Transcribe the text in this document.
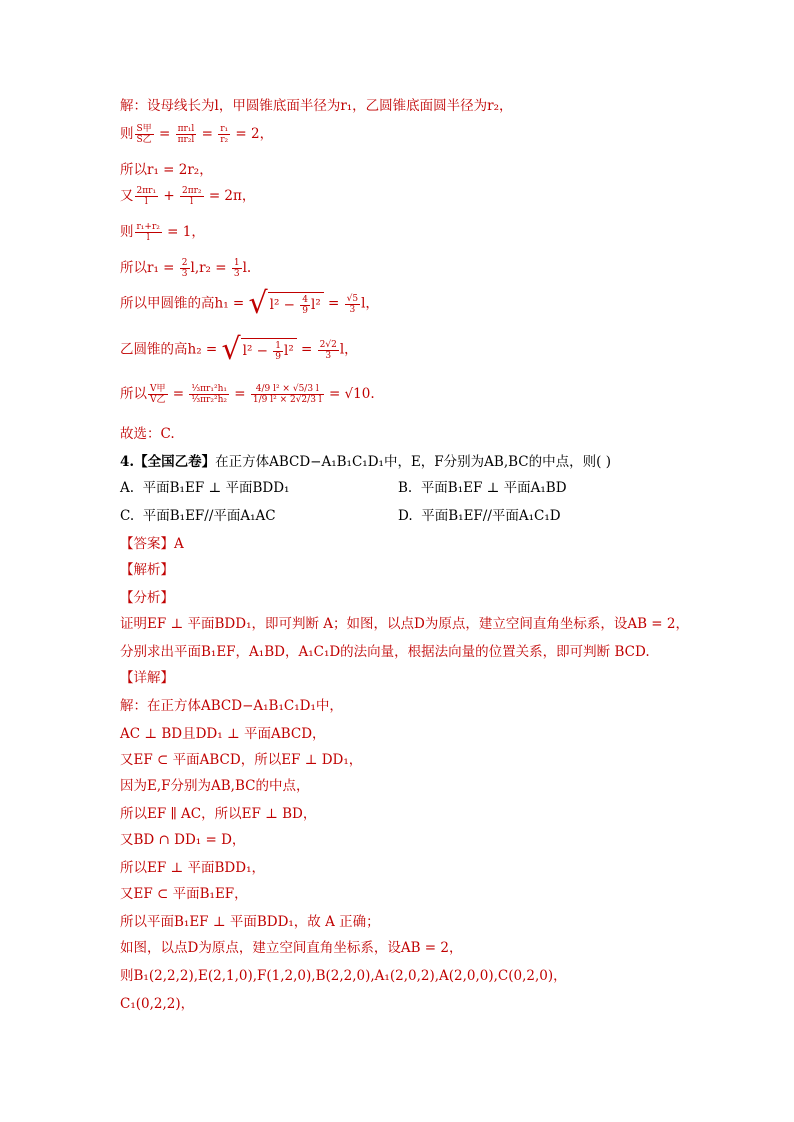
解：设母线长为l，甲圆锥底面半径为r₁，乙圆锥底面圆半径为r₂，
则 $\frac{\text{S甲}}{\text{S乙}} = \frac{\text{πr₁l}}{\text{πr₂l}} = \frac{\text{r₁}}{\text{r₂}} = 2$，
所以r₁ = 2r₂，
又 $\frac{\text{2πr₁}}{l} + \frac{\text{2πr₂}}{l} = 2\pi$，
则 $\frac{\text{r₁+r₂}}{l} = 1$，
所以$r_1 = \frac{2}{3} l,r_2 = \frac{1}{3} l$.
所以甲圆锥的高h₁ = √ $l^2 - \frac{4}{9} l^2 = \frac{√5}{3}$ l，
乙圆锥的高h₂ = √ $l^2 - \frac{1}{9} l^2 = \frac{2√2}{3}$ l，
所以 $\frac{\text{V甲}}{\text{V乙}} = \frac{\text{⅓πr₁²h₁}}{\text{⅓πr₂²h₂}} = \frac{\text{4/9 l² × √5/3 l}}{\text{1/9 l² × 2√2/3 l}} = √10$.
故选：C.
4.【全国乙卷】在正方体ABCD−A₁B₁C₁D₁中，E，F分别为AB,BC的中点，则( )
A. 平面B₁EF ⊥ 平面BDD₁	B. 平面B₁EF ⊥ 平面A₁BD
C. 平面B₁EF//平面A₁AC	D. 平面B₁EF//平面A₁C₁D
【答案】A
【解析】
【分析】
证明EF ⊥ 平面BDD₁，即可判断 A；如图，以点D为原点，建立空间直角坐标系，设AB = 2，
分别求出平面B₁EF，A₁BD，A₁C₁D的法向量，根据法向量的位置关系，即可判断 BCD.
【详解】
解：在正方体ABCD−A₁B₁C₁D₁中，
AC ⊥ BD且DD₁ ⊥ 平面ABCD，
又EF ⊂ 平面ABCD，所以EF ⊥ DD₁，
因为E,F分别为AB,BC的中点，
所以EF ∥ AC，所以EF ⊥ BD，
又BD ∩ DD₁ = D，
所以EF ⊥ 平面BDD₁，
又EF ⊂ 平面B₁EF，
所以平面B₁EF ⊥ 平面BDD₁，故 A 正确；
如图，以点D为原点，建立空间直角坐标系，设AB = 2，
则B₁(2,2,2),E(2,1,0),F(1,2,0),B(2,2,0),A₁(2,0,2),A(2,0,0),C(0,2,0)，
C₁(0,2,2)，
